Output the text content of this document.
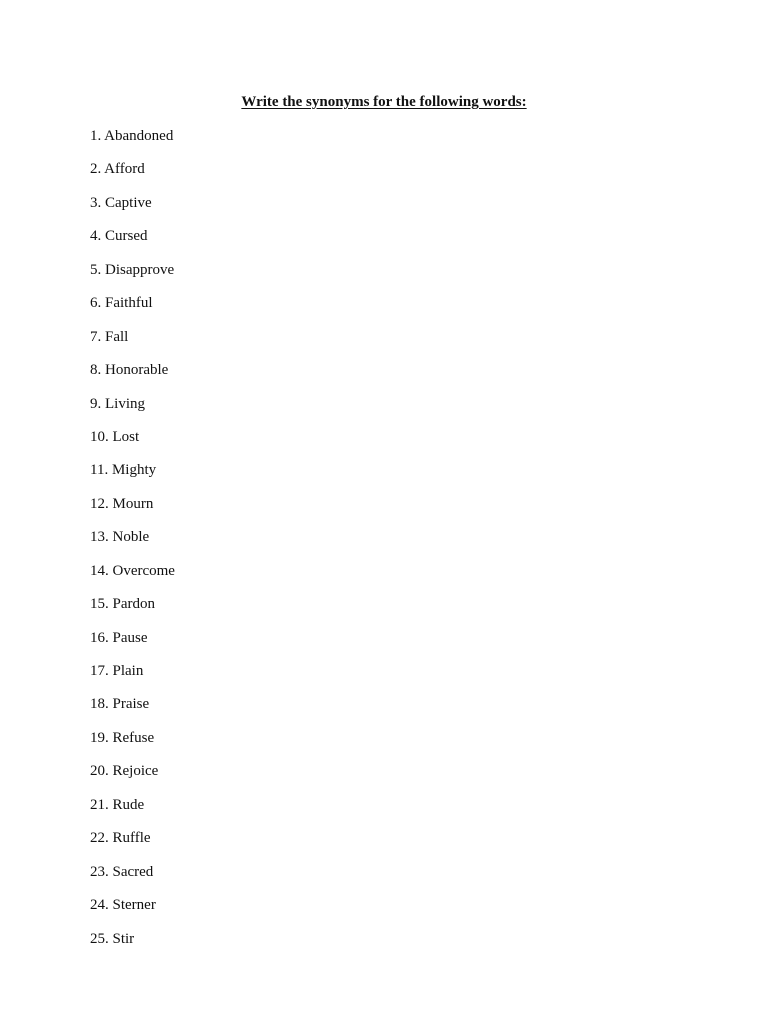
Write the synonyms for the following words:
1. Abandoned
2. Afford
3. Captive
4. Cursed
5. Disapprove
6. Faithful
7. Fall
8. Honorable
9. Living
10. Lost
11. Mighty
12. Mourn
13. Noble
14. Overcome
15. Pardon
16. Pause
17. Plain
18. Praise
19. Refuse
20. Rejoice
21. Rude
22. Ruffle
23. Sacred
24. Sterner
25. Stir
